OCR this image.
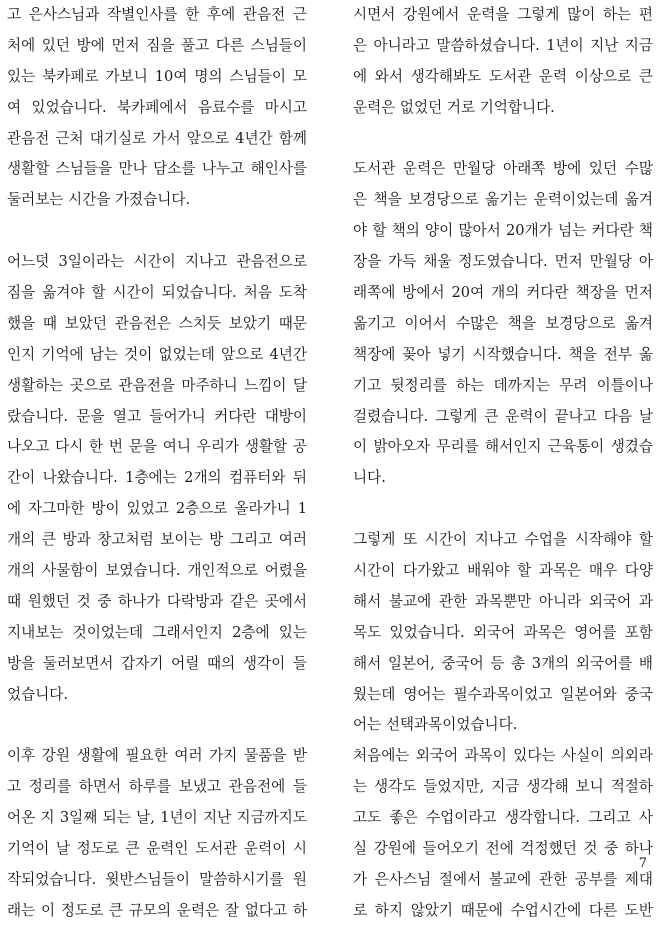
고 은사스님과 작별인사를 한 후에 관음전 근
처에 있던 방에 먼저 짐을 풀고 다른 스님들이
있는 북카페로 가보니 10여 명의 스님들이 모
여 있었습니다. 북카페에서 음료수를 마시고
관음전 근처 대기실로 가서 앞으로 4년간 함께
생활할 스님들을 만나 담소를 나누고 해인사를
둘러보는 시간을 가졌습니다.
어느덧 3일이라는 시간이 지나고 관음전으로
짐을 옮겨야 할 시간이 되었습니다. 처음 도착
했을 때 보았던 관음전은 스치듯 보았기 때문
인지 기억에 남는 것이 없었는데 앞으로 4년간
생활하는 곳으로 관음전을 마주하니 느낌이 달
랐습니다. 문을 열고 들어가니 커다란 대방이
나오고 다시 한 번 문을 여니 우리가 생활할 공
간이 나왔습니다. 1층에는 2개의 컴퓨터와 뒤
에 자그마한 방이 있었고 2층으로 올라가니 1
개의 큰 방과 창고처럼 보이는 방 그리고 여러
개의 사물함이 보였습니다. 개인적으로 어렸을
때 원했던 것 중 하나가 다락방과 같은 곳에서
지내보는 것이었는데 그래서인지 2층에 있는
방을 둘러보면서 갑자기 어릴 때의 생각이 들
었습니다.
이후 강원 생활에 필요한 여러 가지 물품을 받
고 정리를 하면서 하루를 보냈고 관음전에 들
어온 지 3일째 되는 날, 1년이 지난 지금까지도
기억이 날 정도로 큰 운력인 도서관 운력이 시
작되었습니다. 윗반스님들이 말씀하시기를 원
래는 이 정도로 큰 규모의 운력은 잘 없다고 하
시면서 강원에서 운력을 그렇게 많이 하는 편
은 아니라고 말씀하셨습니다. 1년이 지난 지금
에 와서 생각해봐도 도서관 운력 이상으로 큰
운력은 없었던 거로 기억합니다.
도서관 운력은 만월당 아래쪽 방에 있던 수많
은 책을 보경당으로 옮기는 운력이었는데 옮겨
야 할 책의 양이 많아서 20개가 넘는 커다란 책
장을 가득 채울 정도였습니다. 먼저 만월당 아
래쪽에 방에서 20여 개의 커다란 책장을 먼저
옮기고 이어서 수많은 책을 보경당으로 옮겨
책장에 꽂아 넣기 시작했습니다. 책을 전부 옮
기고 뒷정리를 하는 데까지는 무려 이틀이나
걸렸습니다. 그렇게 큰 운력이 끝나고 다음 날
이 밝아오자 무리를 해서인지 근육통이 생겼습
니다.
그렇게 또 시간이 지나고 수업을 시작해야 할
시간이 다가왔고 배워야 할 과목은 매우 다양
해서 불교에 관한 과목뿐만 아니라 외국어 과
목도 있었습니다. 외국어 과목은 영어를 포함
해서 일본어, 중국어 등 총 3개의 외국어를 배
웠는데 영어는 필수과목이었고 일본어와 중국
어는 선택과목이었습니다.
처음에는 외국어 과목이 있다는 사실이 의외라
는 생각도 들었지만, 지금 생각해 보니 적절하
고도 좋은 수업이라고 생각합니다. 그리고 사
실 강원에 들어오기 전에 걱정했던 것 중 하나
가 은사스님 절에서 불교에 관한 공부를 제대
로 하지 않았기 때문에 수업시간에 다른 도반
7
